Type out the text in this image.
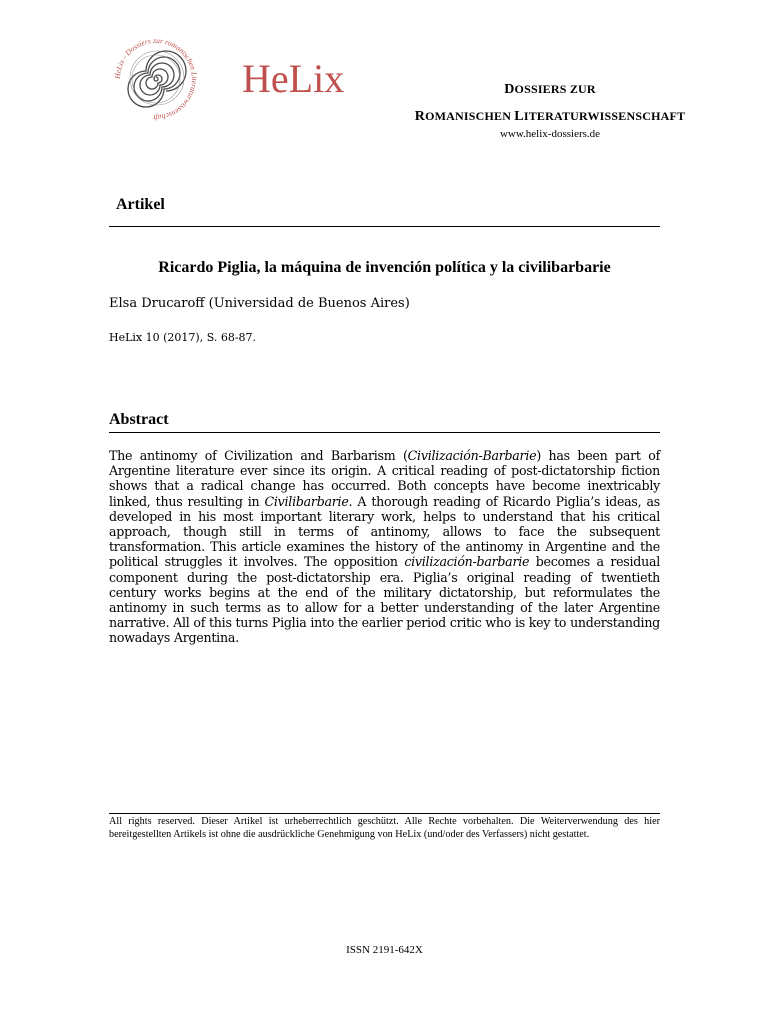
HeLix - Dossiers zur romanischen Literaturwissenschaft
HeLix	DOSSIERS ZUR
ROMANISCHEN LITERATURWISSENSCHAFT
www.helix-dossiers.de
Artikel
Ricardo Piglia, la máquina de invención política y la civilibarbarie
Elsa Drucaroff (Universidad de Buenos Aires)
HeLix 10 (2017), S. 68-87.
Abstract
The antinomy of Civilization and Barbarism (Civilización-Barbarie) has been part of Argentine literature ever since its origin. A critical reading of post-dictatorship fiction shows that a radical change has occurred. Both concepts have become inextricably linked, thus resulting in Civilibarbarie. A thorough reading of Ricardo Piglia’s ideas, as developed in his most important literary work, helps to understand that his critical approach, though still in terms of antinomy, allows to face the subsequent transformation. This article examines the history of the antinomy in Argentine and the political struggles it involves. The opposition civilización-barbarie becomes a residual component during the post-dictatorship era. Piglia’s original reading of twentieth century works begins at the end of the military dictatorship, but reformulates the antinomy in such terms as to allow for a better understanding of the later Argentine narrative. All of this turns Piglia into the earlier period critic who is key to understanding nowadays Argentina.
All rights reserved. Dieser Artikel ist urheberrechtlich geschützt. Alle Rechte vorbehalten. Die Weiterverwendung des hier bereitgestellten Artikels ist ohne die ausdrückliche Genehmigung von HeLix (und/oder des Verfassers) nicht gestattet.
ISSN 2191-642X
